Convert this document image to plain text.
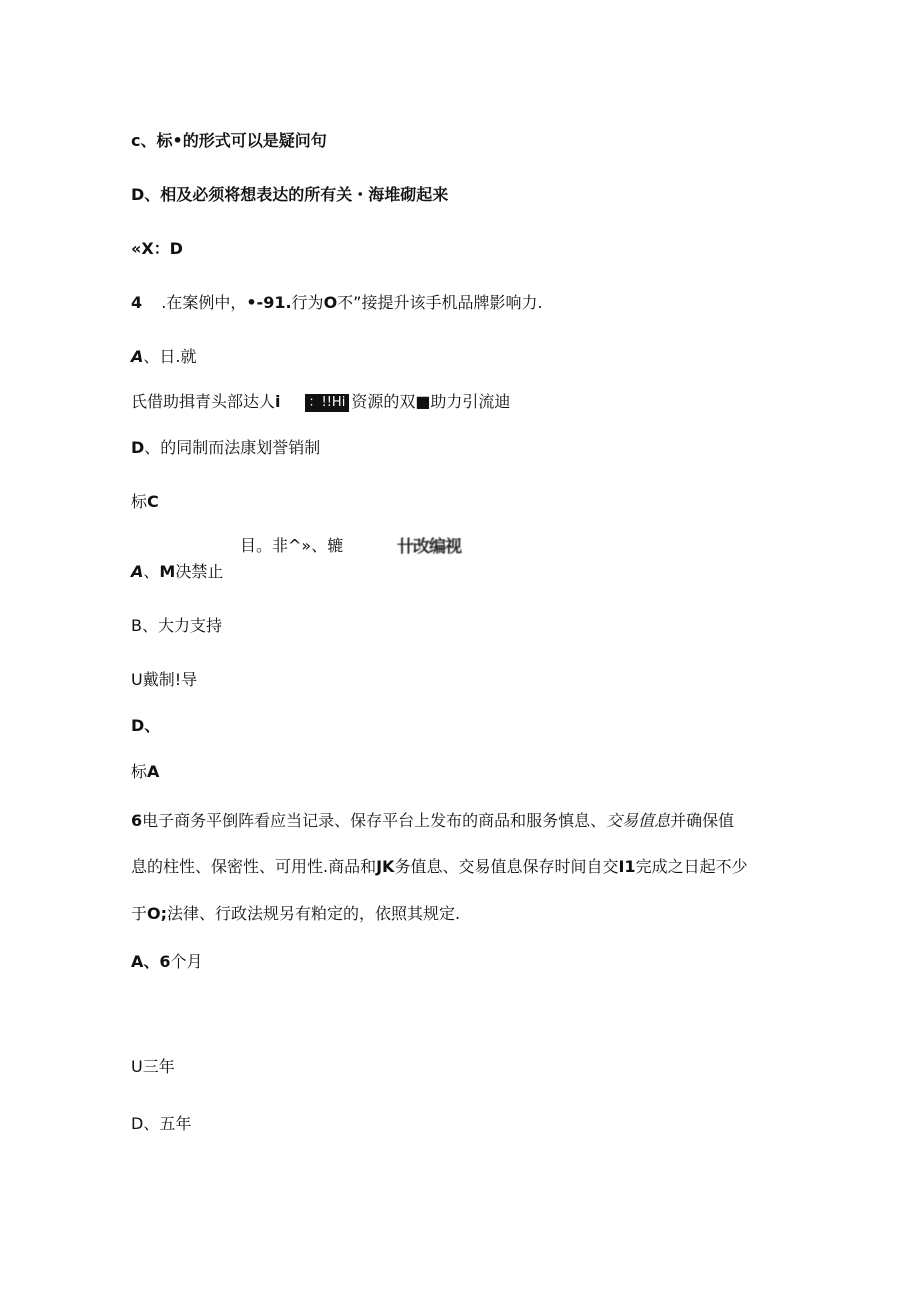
c、标•的形式可以是疑问句
D、相及必须将想表达的所有关・海堆砌起来
«X：D
4 .在案例中，•-91.行为O不”接提升该手机品牌影响力.
A、日.就
氏借助揖青头部达人i ：!!Hi 资源的双■助力引流迪
D、的同制而法康划誉销制
标C
目。非^»、辘	卄改编视
A、M决禁止
B、大力支持
U戴制!导
D、
标A
6电子商务平倒阵看应当记录、保存平台上发布的商品和服务慎息、交易值息并确保值
息的柱性、保密性、可用性.商品和JK务值息、交易值息保存时间自交I1完成之日起不少
于O;法律、行政法规另有粕定的，依照其规定.
A、6个月
U三年
D、五年
